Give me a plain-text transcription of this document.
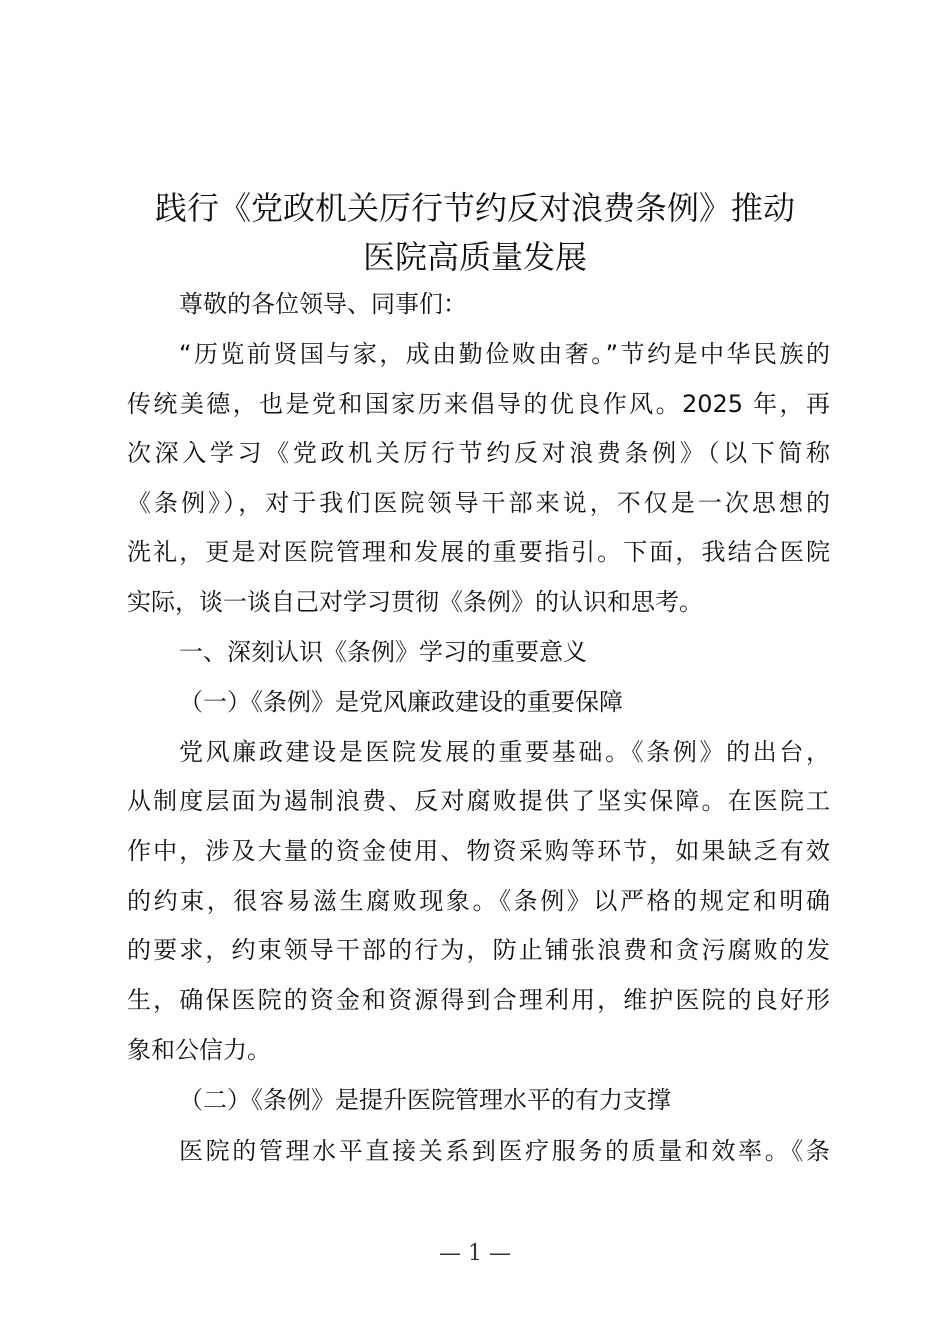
践行《党政机关厉行节约反对浪费条例》推动
医院高质量发展
尊敬的各位领导、同事们：
“历览前贤国与家，成由勤俭败由奢。”节约是中华民族的
传统美德，也是党和国家历来倡导的优良作风。2025 年，再
次深入学习《党政机关厉行节约反对浪费条例》（以下简称
《条例》），对于我们医院领导干部来说，不仅是一次思想的
洗礼，更是对医院管理和发展的重要指引。下面，我结合医院
实际，谈一谈自己对学习贯彻《条例》的认识和思考。
一、深刻认识《条例》学习的重要意义
（一）《条例》是党风廉政建设的重要保障
党风廉政建设是医院发展的重要基础。《条例》的出台，
从制度层面为遏制浪费、反对腐败提供了坚实保障。在医院工
作中，涉及大量的资金使用、物资采购等环节，如果缺乏有效
的约束，很容易滋生腐败现象。《条例》以严格的规定和明确
的要求，约束领导干部的行为，防止铺张浪费和贪污腐败的发
生，确保医院的资金和资源得到合理利用，维护医院的良好形
象和公信力。
（二）《条例》是提升医院管理水平的有力支撑
医院的管理水平直接关系到医疗服务的质量和效率。《条
— 1 —
